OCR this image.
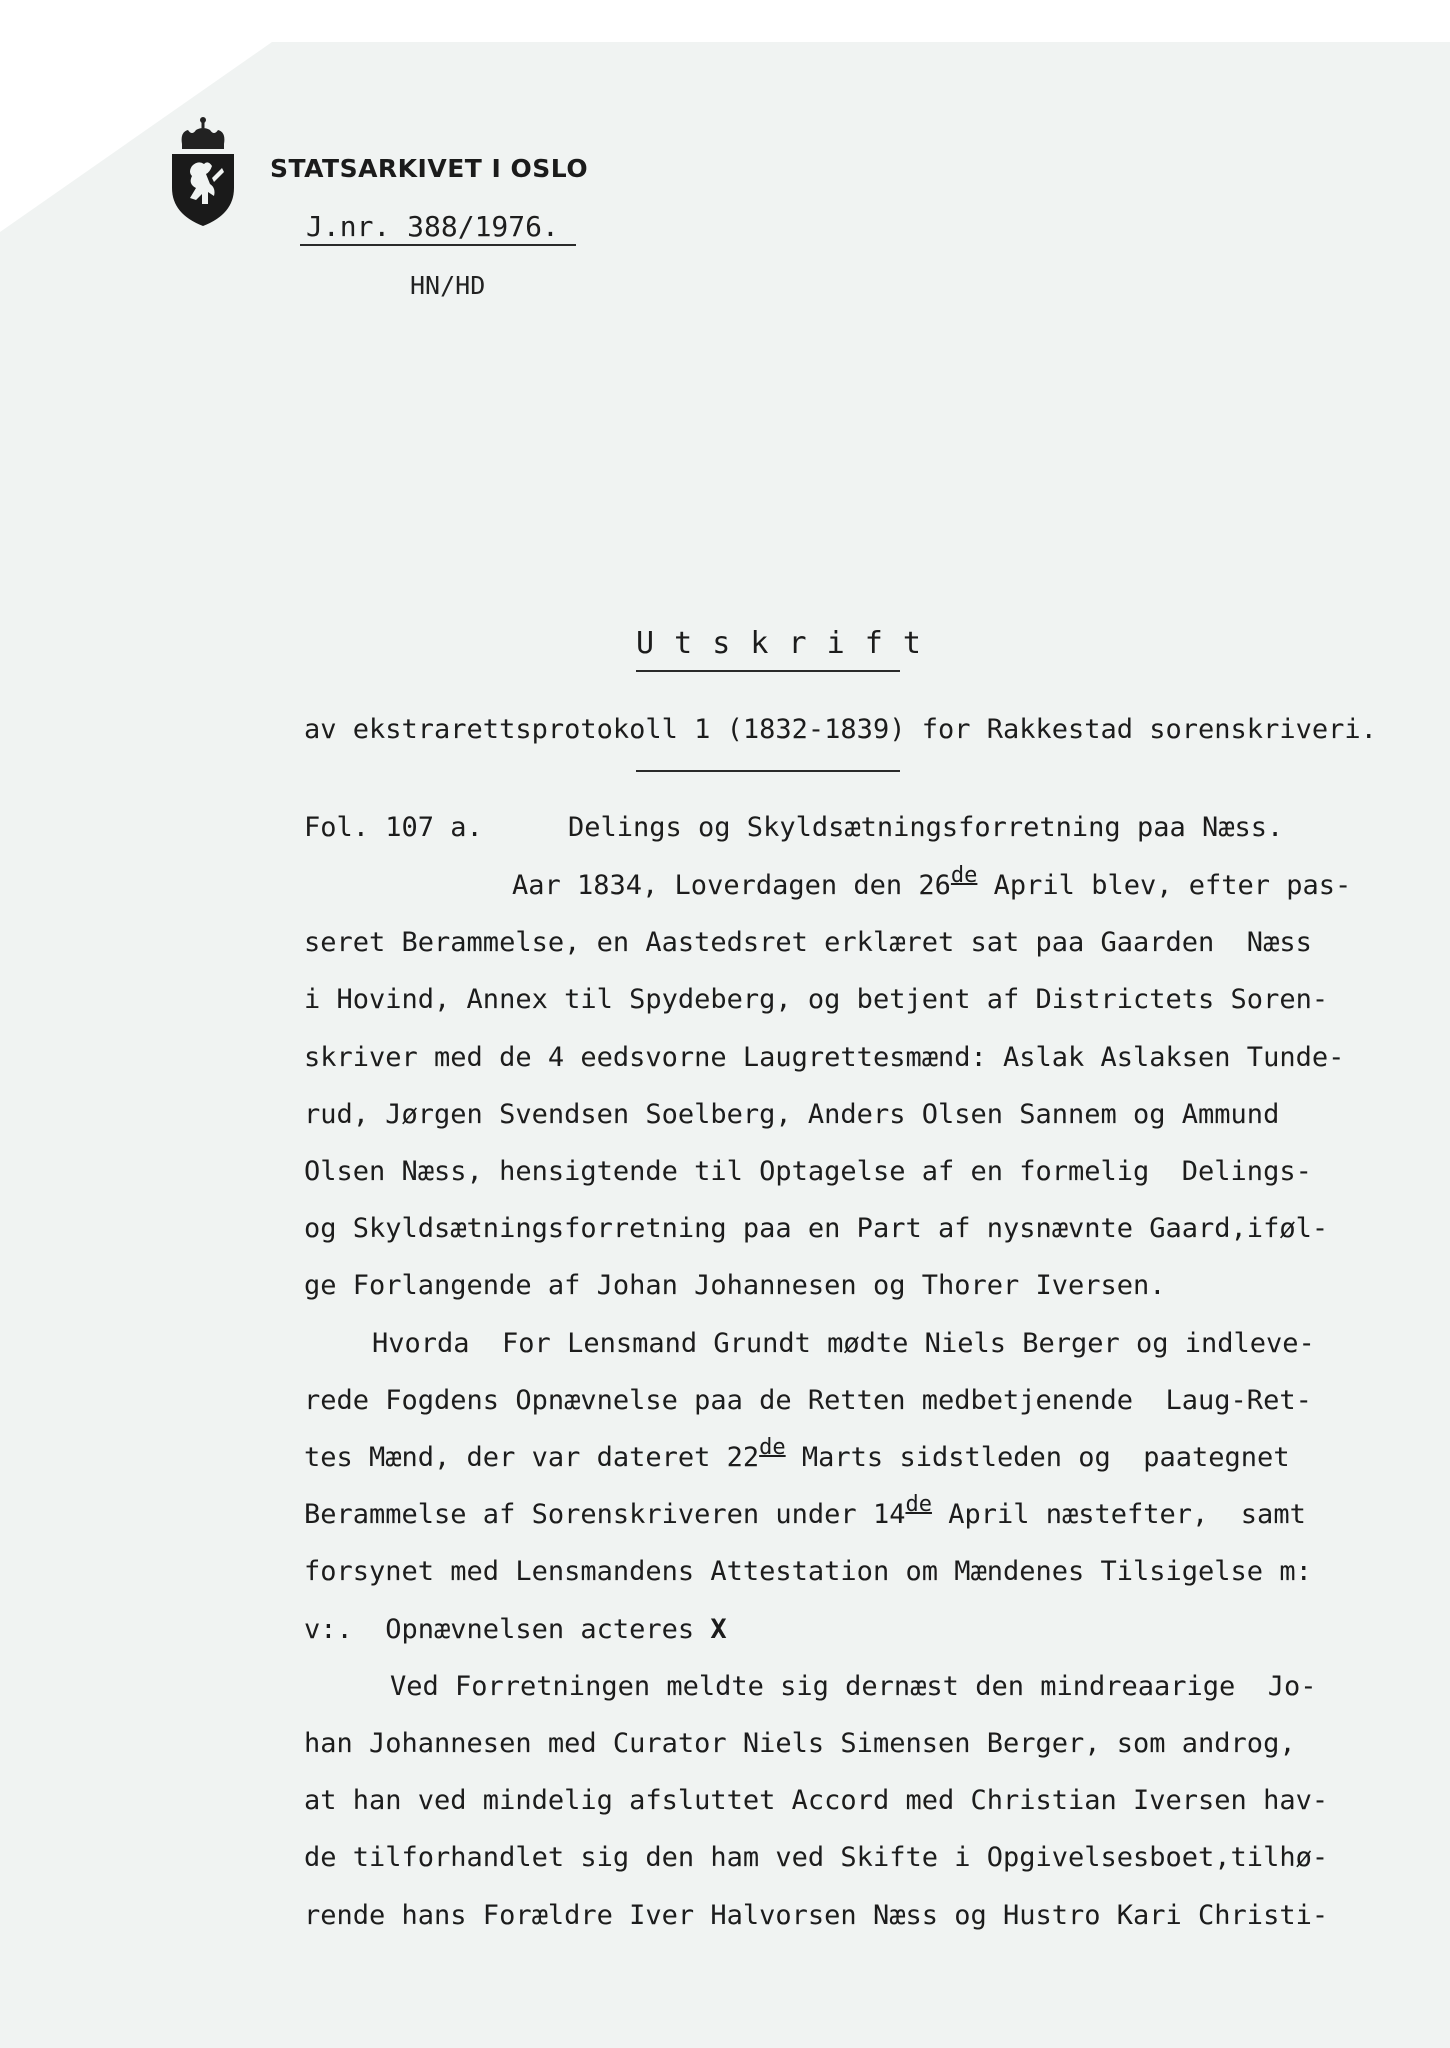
STATSARKIVET I OSLO
J.nr. 388/1976.
HN/HD
U t s k r i f t
av ekstrarettsprotokoll 1 (1832-1839) for Rakkestad sorenskriveri.
Fol. 107 a.	Delings og Skyldsætningsforretning paa Næss.
Aar 1834, Loverdagen den 26de April blev, efter pas-
seret Berammelse, en Aastedsret erklæret sat paa Gaarden  Næss
i Hovind, Annex til Spydeberg, og betjent af Districtets Soren-
skriver med de 4 eedsvorne Laugrettesmænd: Aslak Aslaksen Tunde-
rud, Jørgen Svendsen Soelberg, Anders Olsen Sannem og Ammund
Olsen Næss, hensigtende til Optagelse af en formelig  Delings-
og Skyldsætningsforretning paa en Part af nysnævnte Gaard,iføl-
ge Forlangende af Johan Johannesen og Thorer Iversen.
Hvorda  For Lensmand Grundt mødte Niels Berger og indleve-
rede Fogdens Opnævnelse paa de Retten medbetjenende  Laug-Ret-
tes Mænd, der var dateret 22de Marts sidstleden og  paategnet
Berammelse af Sorenskriveren under 14de April næstefter,  samt
forsynet med Lensmandens Attestation om Mændenes Tilsigelse m:
v:.  Opnævnelsen acteres X
Ved Forretningen meldte sig dernæst den mindreaarige  Jo-
han Johannesen med Curator Niels Simensen Berger, som androg,
at han ved mindelig afsluttet Accord med Christian Iversen hav-
de tilforhandlet sig den ham ved Skifte i Opgivelsesboet,tilhø-
rende hans Forældre Iver Halvorsen Næss og Hustro Kari Christi-
